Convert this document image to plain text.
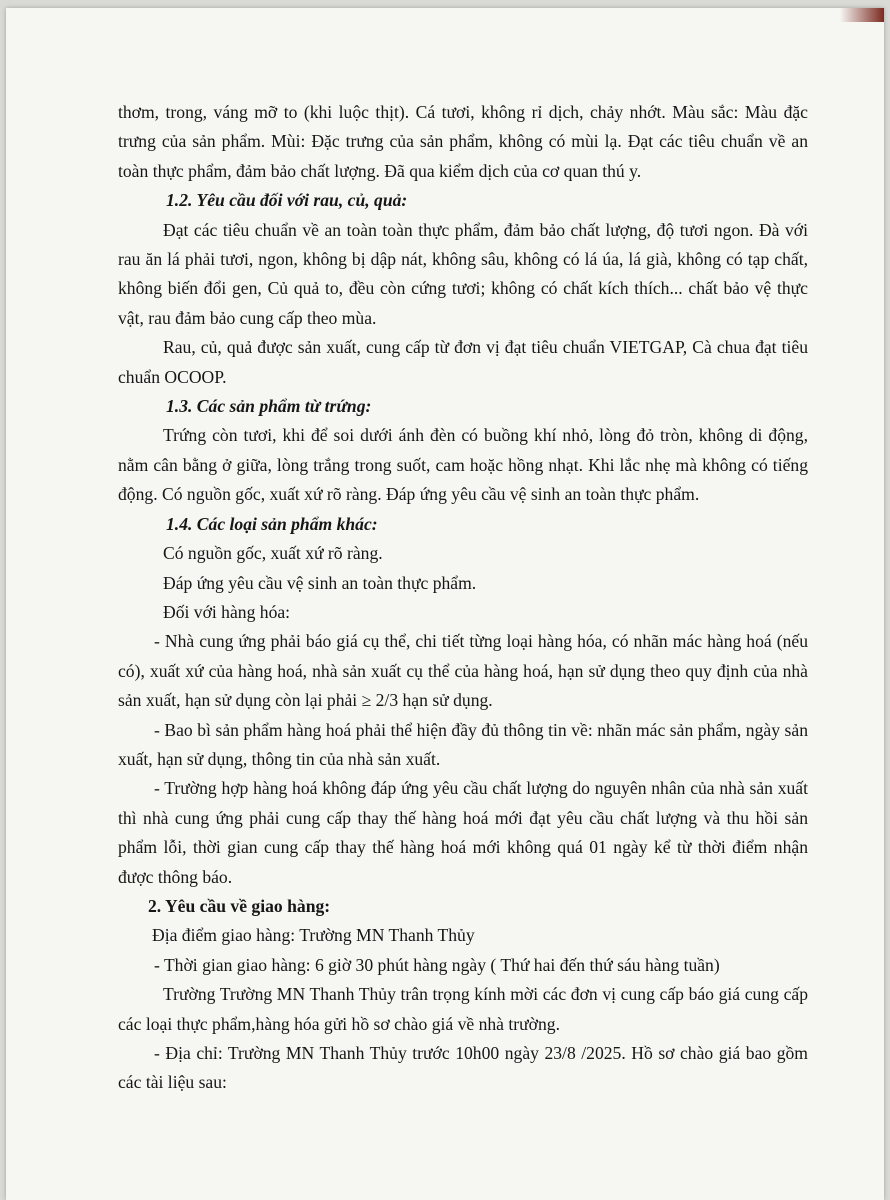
thơm, trong, váng mỡ to (khi luộc thịt). Cá tươi, không rỉ dịch, chảy nhớt. Màu sắc: Màu đặc trưng của sản phẩm. Mùi: Đặc trưng của sản phẩm, không có mùi lạ. Đạt các tiêu chuẩn về an toàn thực phẩm, đảm bảo chất lượng. Đã qua kiểm dịch của cơ quan thú y.

1.2. Yêu cầu đối với rau, củ, quả:

Đạt các tiêu chuẩn về an toàn toàn thực phẩm, đảm bảo chất lượng, độ tươi ngon. Đà với rau ăn lá phải tươi, ngon, không bị dập nát, không sâu, không có lá úa, lá già, không có tạp chất, không biến đổi gen, Củ quả to, đều còn cứng tươi; không có chất kích thích... chất bảo vệ thực vật, rau đảm bảo cung cấp theo mùa.

Rau, củ, quả được sản xuất, cung cấp từ đơn vị đạt tiêu chuẩn VIETGAP, Cà chua đạt tiêu chuẩn OCOOP.

1.3. Các sản phẩm từ trứng:

Trứng còn tươi, khi để soi dưới ánh đèn có buồng khí nhỏ, lòng đỏ tròn, không di động, nằm cân bằng ở giữa, lòng trắng trong suốt, cam hoặc hồng nhạt. Khi lắc nhẹ mà không có tiếng động. Có nguồn gốc, xuất xứ rõ ràng. Đáp ứng yêu cầu vệ sinh an toàn thực phẩm.

1.4. Các loại sản phẩm khác:

Có nguồn gốc, xuất xứ rõ ràng.

Đáp ứng yêu cầu vệ sinh an toàn thực phẩm.

Đối với hàng hóa:

- Nhà cung ứng phải báo giá cụ thể, chi tiết từng loại hàng hóa, có nhãn mác hàng hoá (nếu có), xuất xứ của hàng hoá, nhà sản xuất cụ thể của hàng hoá, hạn sử dụng theo quy định của nhà sản xuất, hạn sử dụng còn lại phải ≥ 2/3 hạn sử dụng.

- Bao bì sản phẩm hàng hoá phải thể hiện đầy đủ thông tin về: nhãn mác sản phẩm, ngày sản xuất, hạn sử dụng, thông tin của nhà sản xuất.

- Trường hợp hàng hoá không đáp ứng yêu cầu chất lượng do nguyên nhân của nhà sản xuất thì nhà cung ứng phải cung cấp thay thế hàng hoá mới đạt yêu cầu chất lượng và thu hồi sản phẩm lỗi, thời gian cung cấp thay thế hàng hoá mới không quá 01 ngày kể từ thời điểm nhận được thông báo.

2. Yêu cầu về giao hàng:

Địa điểm giao hàng: Trường MN Thanh Thủy

- Thời gian giao hàng: 6 giờ 30 phút hàng ngày ( Thứ hai đến thứ sáu hàng tuần)

Trường Trường MN Thanh Thủy trân trọng kính mời các đơn vị cung cấp báo giá cung cấp các loại thực phẩm,hàng hóa gửi hồ sơ chào giá về nhà trường.

- Địa chỉ: Trường MN Thanh Thủy trước 10h00 ngày 23/8 /2025. Hồ sơ chào giá bao gồm các tài liệu sau:
